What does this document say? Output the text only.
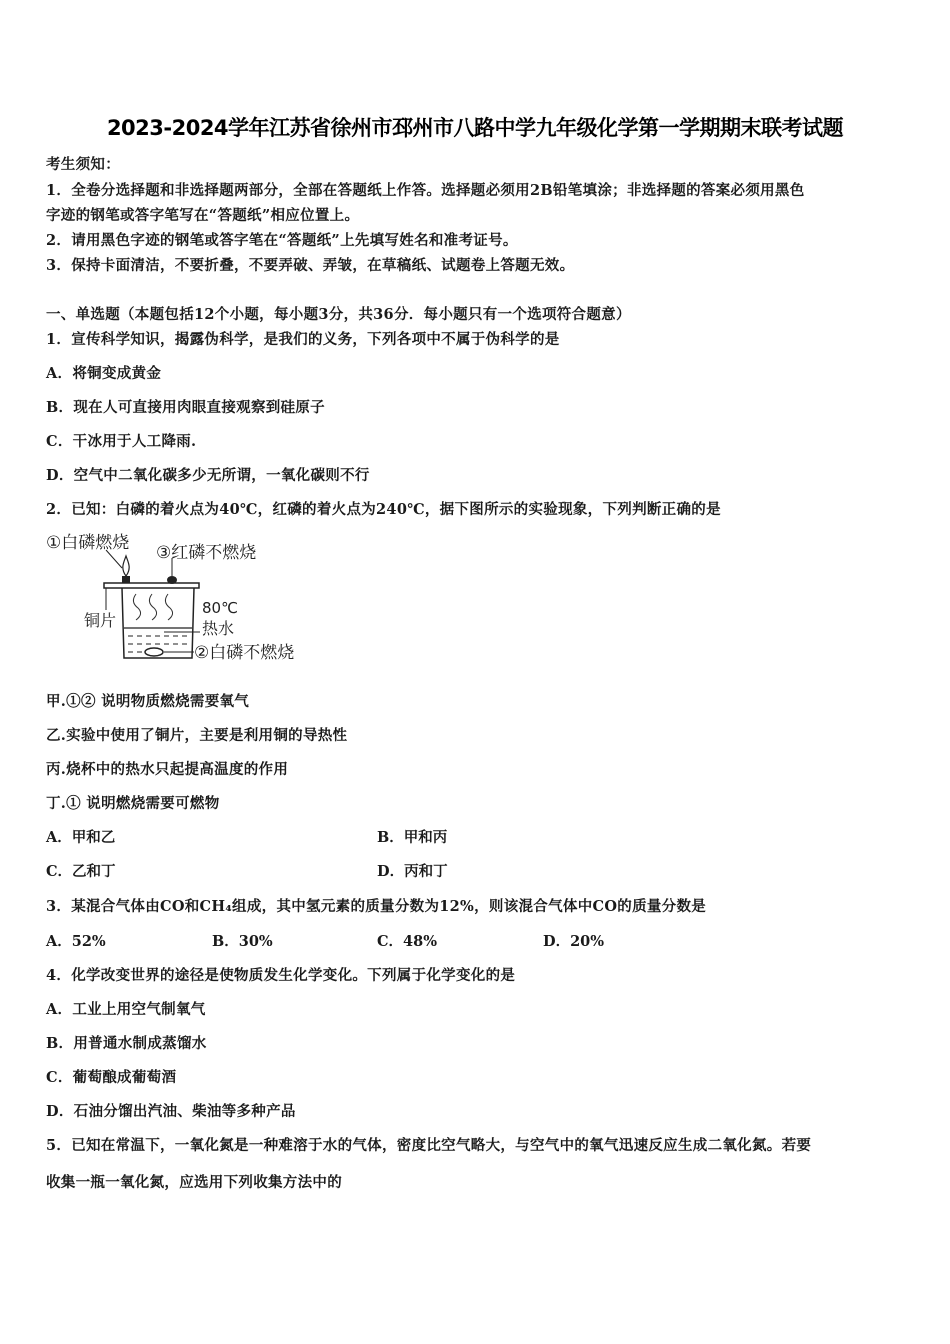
2023-2024学年江苏省徐州市邳州市八路中学九年级化学第一学期期末联考试题
考生须知：
1．全卷分选择题和非选择题两部分，全部在答题纸上作答。选择题必须用2B铅笔填涂；非选择题的答案必须用黑色
字迹的钢笔或答字笔写在“答题纸”相应位置上。
2．请用黑色字迹的钢笔或答字笔在“答题纸”上先填写姓名和准考证号。
3．保持卡面清洁，不要折叠，不要弄破、弄皱，在草稿纸、试题卷上答题无效。
一、单选题（本题包括12个小题，每小题3分，共36分．每小题只有一个选项符合题意）
1．宣传科学知识，揭露伪科学，是我们的义务，下列各项中不属于伪科学的是
A．将铜变成黄金
B．现在人可直接用肉眼直接观察到硅原子
C．干冰用于人工降雨.
D．空气中二氧化碳多少无所谓，一氧化碳则不行
2．已知：白磷的着火点为40℃，红磷的着火点为240℃，据下图所示的实验现象，下列判断正确的是
①白磷燃烧 ③红磷不燃烧
铜片
80℃
热水
②白磷不燃烧
甲.①② 说明物质燃烧需要氧气
乙.实验中使用了铜片，主要是利用铜的导热性
丙.烧杯中的热水只起提高温度的作用
丁.① 说明燃烧需要可燃物
A．甲和乙	B．甲和丙
C．乙和丁	D．丙和丁
3．某混合气体由CO和CH₄组成，其中氢元素的质量分数为12%，则该混合气体中CO的质量分数是
A．52%	B．30%	C．48%	D．20%
4．化学改变世界的途径是使物质发生化学变化。下列属于化学变化的是
A．工业上用空气制氧气
B．用普通水制成蒸馏水
C．葡萄酿成葡萄酒
D．石油分馏出汽油、柴油等多种产品
5．已知在常温下，一氧化氮是一种难溶于水的气体，密度比空气略大，与空气中的氧气迅速反应生成二氧化氮。若要
收集一瓶一氧化氮，应选用下列收集方法中的
